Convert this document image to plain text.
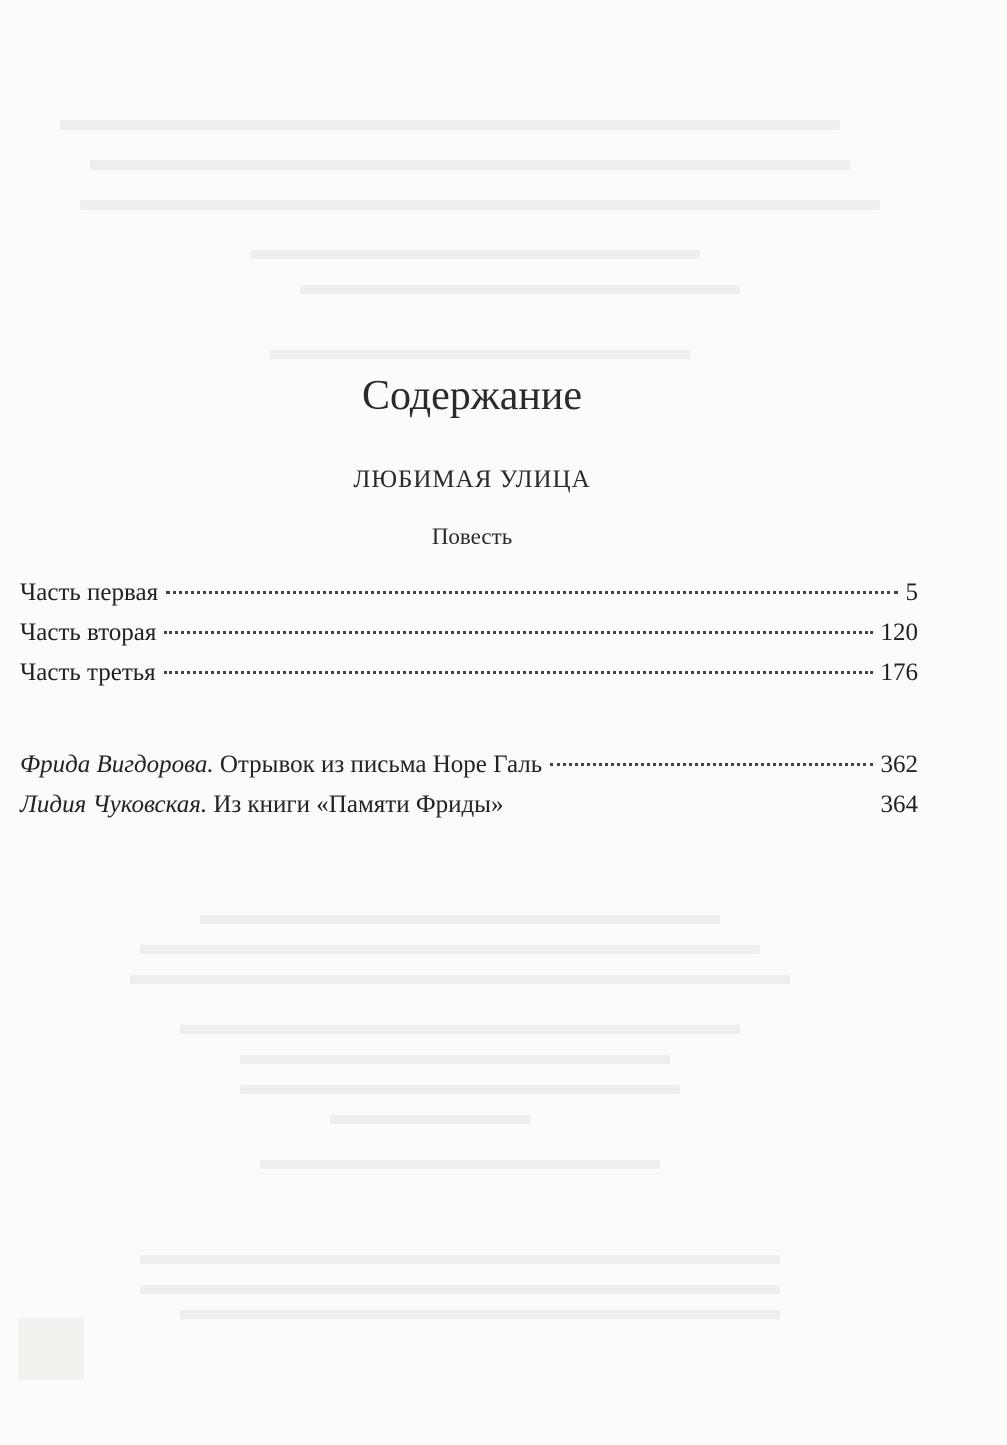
Содержание
ЛЮБИМАЯ УЛИЦА
Повесть
Часть первая	5
Часть вторая	120
Часть третья	176
Фрида Вигдорова. Отрывок из письма Норе Галь	362
Лидия Чуковская. Из книги «Памяти Фриды»	364
